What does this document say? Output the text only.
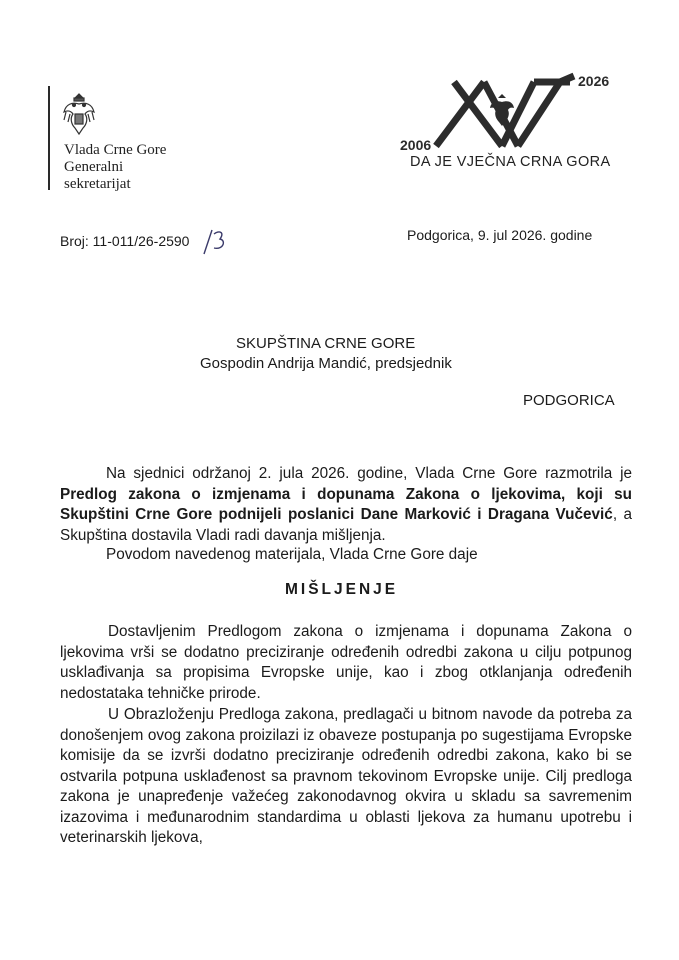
Vlada Crne Gore
Generalni
sekretarijat
2006
2026
DA JE VJEČNA CRNA GORA
Broj: 11-011/26-2590	Podgorica, 9. jul 2026. godine
SKUPŠTINA CRNE GORE
Gospodin Andrija Mandić, predsjednik
PODGORICA
Na sjednici održanoj 2. jula 2026. godine, Vlada Crne Gore razmotrila je Predlog zakona o izmjenama i dopunama Zakona o ljekovima, koji su Skupštini Crne Gore podnijeli poslanici Dane Marković i Dragana Vučević, a Skupština dostavila Vladi radi davanja mišljenja.
Povodom navedenog materijala, Vlada Crne Gore daje
MIŠLJENJE
Dostavljenim Predlogom zakona o izmjenama i dopunama Zakona o ljekovima vrši se dodatno preciziranje određenih odredbi zakona u cilju potpunog usklađivanja sa propisima Evropske unije, kao i zbog otklanjanja određenih nedostataka tehničke prirode.
U Obrazloženju Predloga zakona, predlagači u bitnom navode da potreba za donošenjem ovog zakona proizilazi iz obaveze postupanja po sugestijama Evropske komisije da se izvrši dodatno preciziranje određenih odredbi zakona, kako bi se ostvarila potpuna usklađenost sa pravnom tekovinom Evropske unije. Cilj predloga zakona je unapređenje važećeg zakonodavnog okvira u skladu sa savremenim izazovima i međunarodnim standardima u oblasti ljekova za humanu upotrebu i veterinarskih ljekova,
